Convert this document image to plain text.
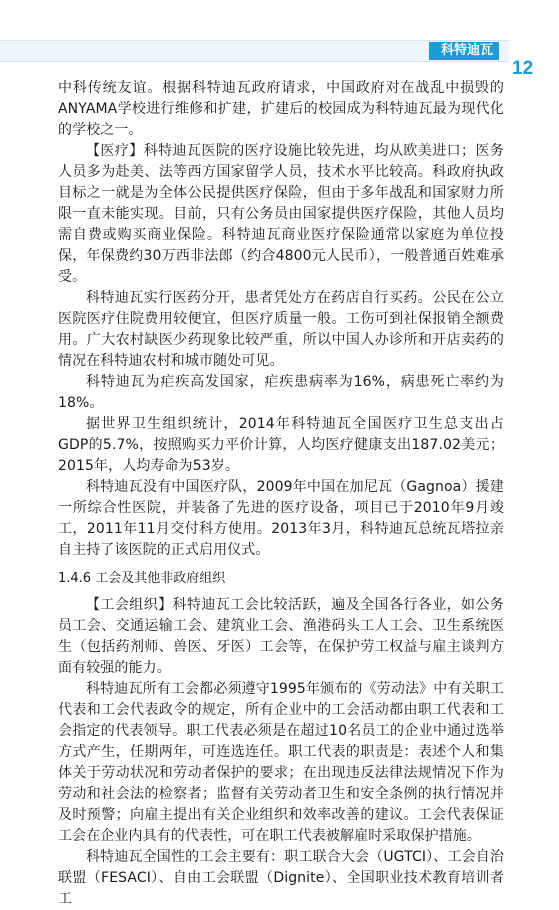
科特迪瓦
12

中科传统友谊。根据科特迪瓦政府请求，中国政府对在战乱中损毁的ANYAMA学校进行维修和扩建，扩建后的校园成为科特迪瓦最为现代化的学校之一。

【医疗】科特迪瓦医院的医疗设施比较先进，均从欧美进口；医务人员多为赴美、法等西方国家留学人员，技术水平比较高。科政府执政目标之一就是为全体公民提供医疗保险，但由于多年战乱和国家财力所限一直未能实现。目前，只有公务员由国家提供医疗保险，其他人员均需自费或购买商业保险。科特迪瓦商业医疗保险通常以家庭为单位投保，年保费约30万西非法郎（约合4800元人民币），一般普通百姓难承受。

科特迪瓦实行医药分开，患者凭处方在药店自行买药。公民在公立医院医疗住院费用较便宜，但医疗质量一般。工伤可到社保报销全额费用。广大农村缺医少药现象比较严重，所以中国人办诊所和开店卖药的情况在科特迪农村和城市随处可见。

科特迪瓦为疟疾高发国家，疟疾患病率为16%，病患死亡率约为18%。

据世界卫生组织统计，2014年科特迪瓦全国医疗卫生总支出占GDP的5.7%，按照购买力平价计算，人均医疗健康支出187.02美元；2015年，人均寿命为53岁。

科特迪瓦没有中国医疗队，2009年中国在加尼瓦（Gagnoa）援建一所综合性医院，并装备了先进的医疗设备，项目已于2010年9月竣工，2011年11月交付科方使用。2013年3月，科特迪瓦总统瓦塔拉亲自主持了该医院的正式启用仪式。

1.4.6 工会及其他非政府组织

【工会组织】科特迪瓦工会比较活跃，遍及全国各行各业，如公务员工会、交通运输工会、建筑业工会、渔港码头工人工会、卫生系统医生（包括药剂师、兽医、牙医）工会等，在保护劳工权益与雇主谈判方面有较强的能力。

科特迪瓦所有工会都必须遵守1995年颁布的《劳动法》中有关职工代表和工会代表政令的规定，所有企业中的工会活动都由职工代表和工会指定的代表领导。职工代表必须是在超过10名员工的企业中通过选举方式产生，任期两年，可连选连任。职工代表的职责是：表述个人和集体关于劳动状况和劳动者保护的要求；在出现违反法律法规情况下作为劳动和社会法的检察者；监督有关劳动者卫生和安全条例的执行情况并及时预警；向雇主提出有关企业组织和效率改善的建议。工会代表保证工会在企业内具有的代表性，可在职工代表被解雇时采取保护措施。

科特迪瓦全国性的工会主要有：职工联合大会（UGTCI）、工会自治联盟（FESACI）、自由工会联盟（Dignite）、全国职业技术教育培训者工
